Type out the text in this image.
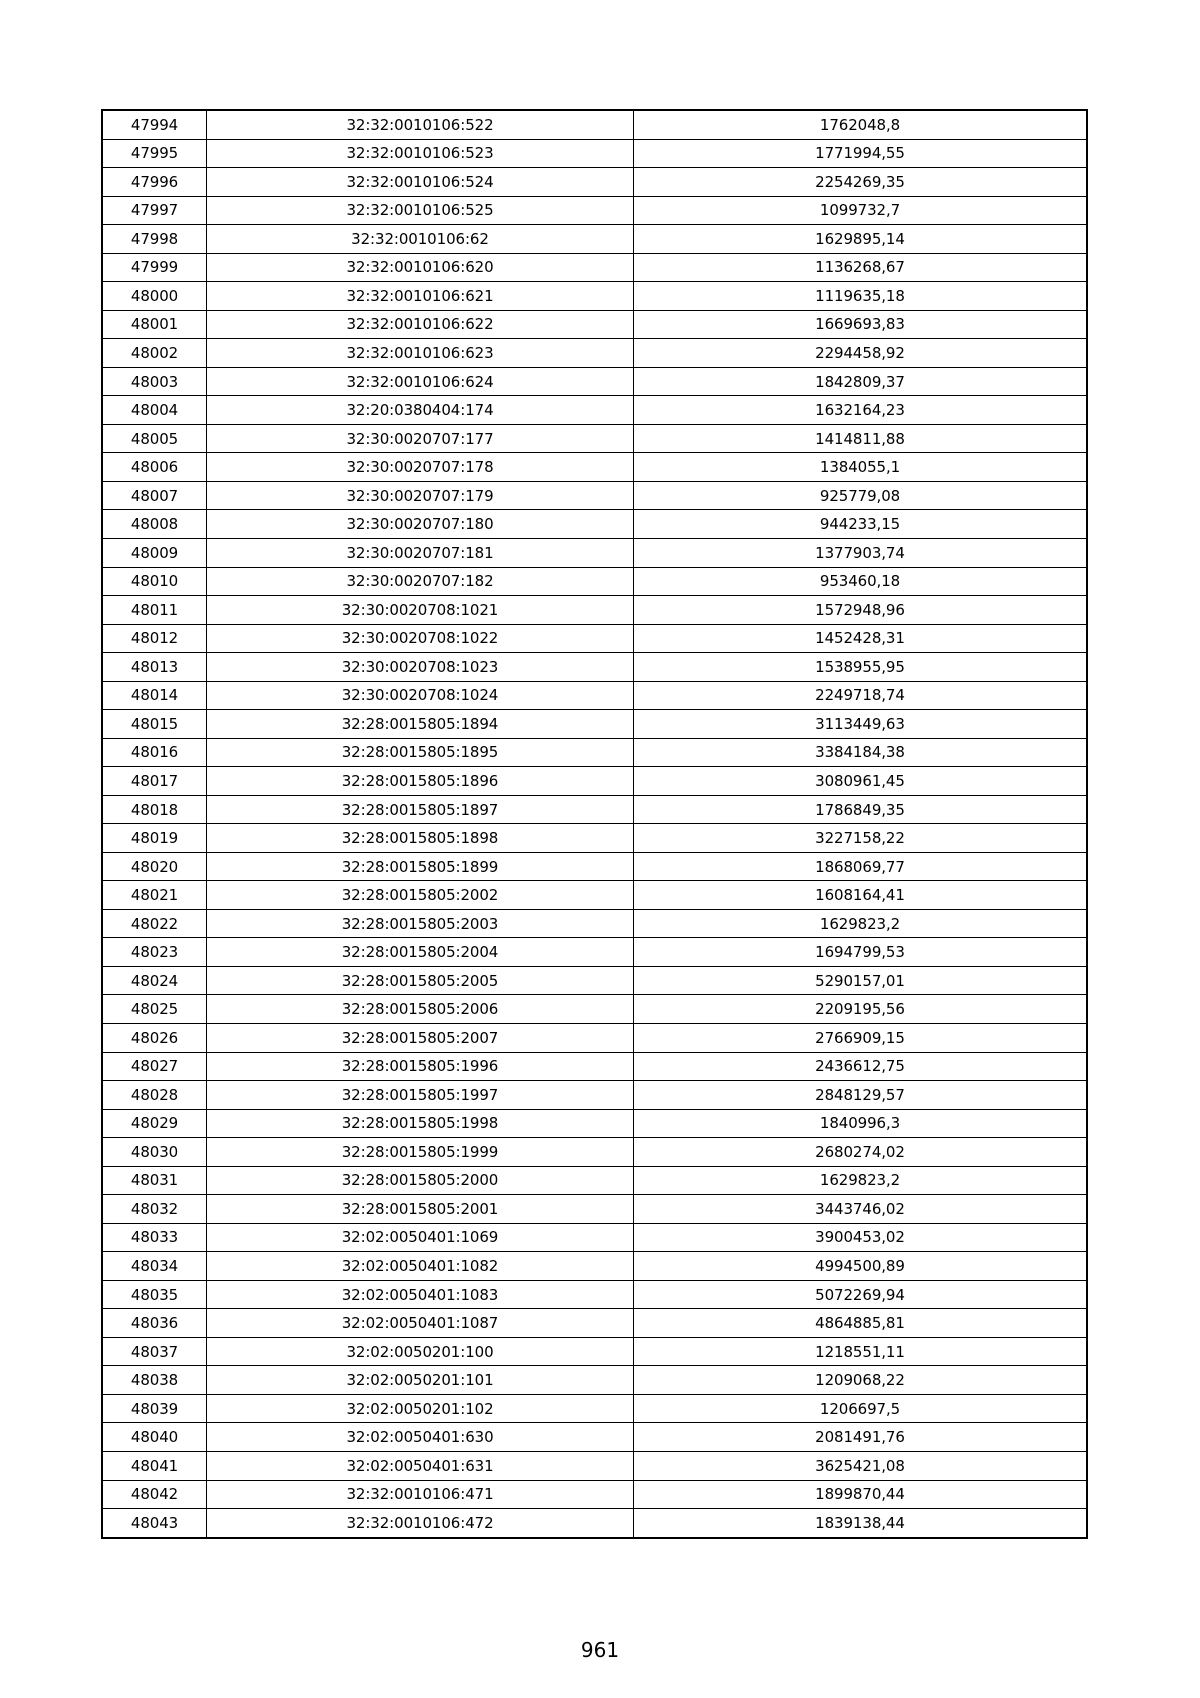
47994	32:32:0010106:522	1762048,8
47995	32:32:0010106:523	1771994,55
47996	32:32:0010106:524	2254269,35
47997	32:32:0010106:525	1099732,7
47998	32:32:0010106:62	1629895,14
47999	32:32:0010106:620	1136268,67
48000	32:32:0010106:621	1119635,18
48001	32:32:0010106:622	1669693,83
48002	32:32:0010106:623	2294458,92
48003	32:32:0010106:624	1842809,37
48004	32:20:0380404:174	1632164,23
48005	32:30:0020707:177	1414811,88
48006	32:30:0020707:178	1384055,1
48007	32:30:0020707:179	925779,08
48008	32:30:0020707:180	944233,15
48009	32:30:0020707:181	1377903,74
48010	32:30:0020707:182	953460,18
48011	32:30:0020708:1021	1572948,96
48012	32:30:0020708:1022	1452428,31
48013	32:30:0020708:1023	1538955,95
48014	32:30:0020708:1024	2249718,74
48015	32:28:0015805:1894	3113449,63
48016	32:28:0015805:1895	3384184,38
48017	32:28:0015805:1896	3080961,45
48018	32:28:0015805:1897	1786849,35
48019	32:28:0015805:1898	3227158,22
48020	32:28:0015805:1899	1868069,77
48021	32:28:0015805:2002	1608164,41
48022	32:28:0015805:2003	1629823,2
48023	32:28:0015805:2004	1694799,53
48024	32:28:0015805:2005	5290157,01
48025	32:28:0015805:2006	2209195,56
48026	32:28:0015805:2007	2766909,15
48027	32:28:0015805:1996	2436612,75
48028	32:28:0015805:1997	2848129,57
48029	32:28:0015805:1998	1840996,3
48030	32:28:0015805:1999	2680274,02
48031	32:28:0015805:2000	1629823,2
48032	32:28:0015805:2001	3443746,02
48033	32:02:0050401:1069	3900453,02
48034	32:02:0050401:1082	4994500,89
48035	32:02:0050401:1083	5072269,94
48036	32:02:0050401:1087	4864885,81
48037	32:02:0050201:100	1218551,11
48038	32:02:0050201:101	1209068,22
48039	32:02:0050201:102	1206697,5
48040	32:02:0050401:630	2081491,76
48041	32:02:0050401:631	3625421,08
48042	32:32:0010106:471	1899870,44
48043	32:32:0010106:472	1839138,44
961
